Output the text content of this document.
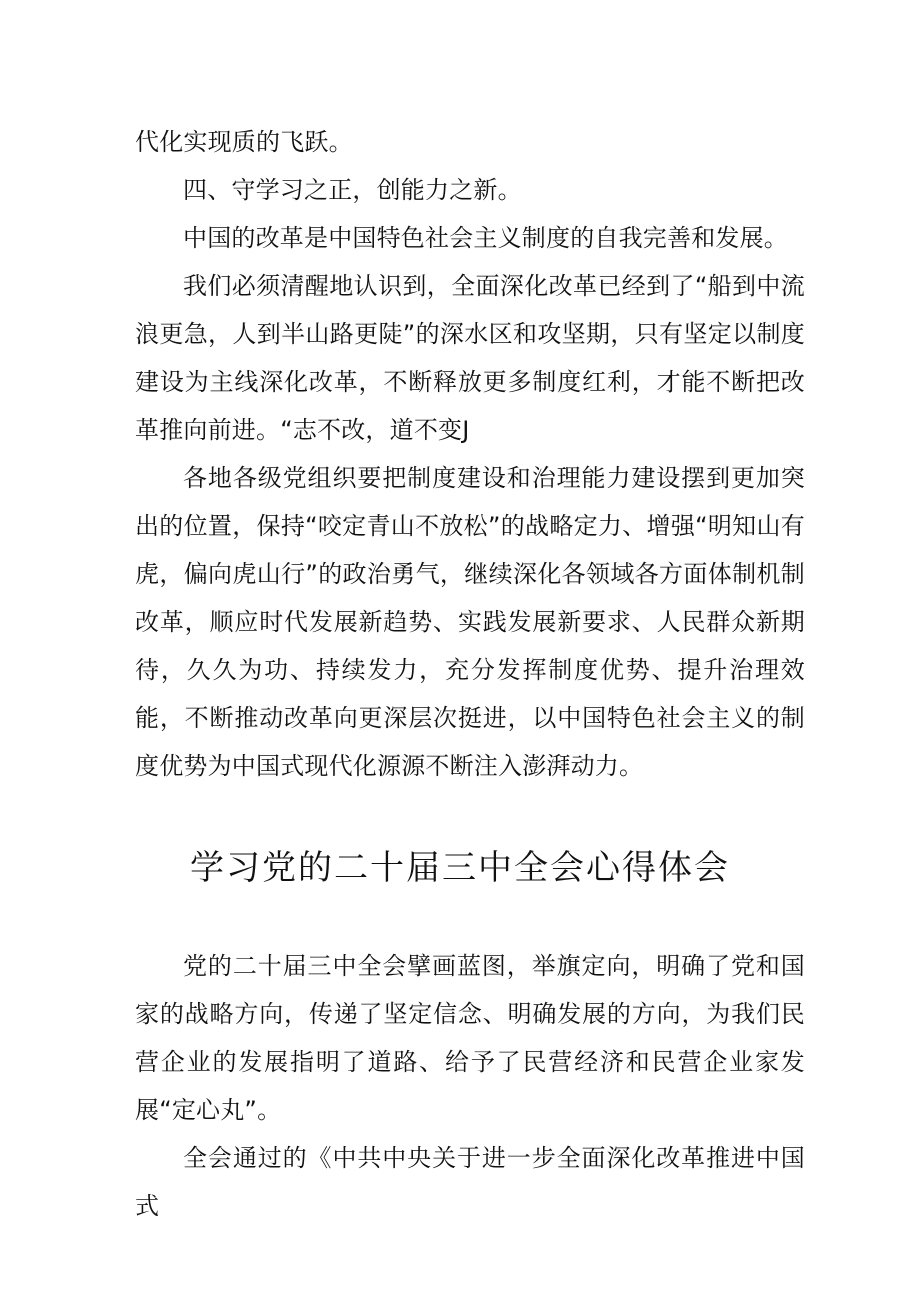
代化实现质的飞跃。

四、守学习之正，创能力之新。

中国的改革是中国特色社会主义制度的自我完善和发展。

我们必须清醒地认识到，全面深化改革已经到了“船到中流浪更急，人到半山路更陡”的深水区和攻坚期，只有坚定以制度建设为主线深化改革，不断释放更多制度红利，才能不断把改革推向前进。“志不改，道不变J

各地各级党组织要把制度建设和治理能力建设摆到更加突出的位置，保持“咬定青山不放松”的战略定力、增强“明知山有虎，偏向虎山行”的政治勇气，继续深化各领域各方面体制机制改革，顺应时代发展新趋势、实践发展新要求、人民群众新期待，久久为功、持续发力，充分发挥制度优势、提升治理效能，不断推动改革向更深层次挺进，以中国特色社会主义的制度优势为中国式现代化源源不断注入澎湃动力。

学习党的二十届三中全会心得体会

党的二十届三中全会擘画蓝图，举旗定向，明确了党和国家的战略方向，传递了坚定信念、明确发展的方向，为我们民营企业的发展指明了道路、给予了民营经济和民营企业家发展“定心丸”。

全会通过的《中共中央关于进一步全面深化改革推进中国式
